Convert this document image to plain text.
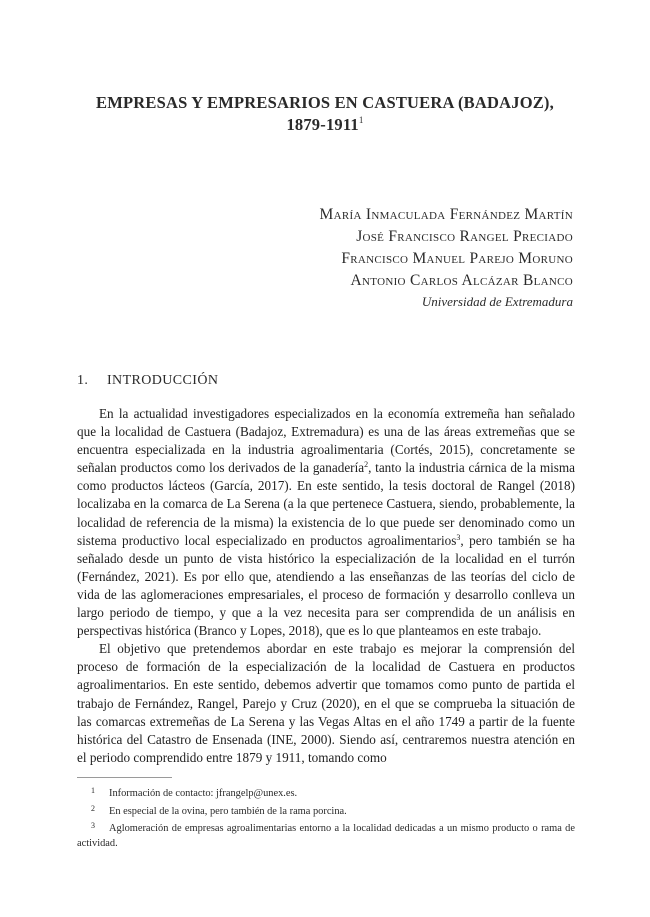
EMPRESAS Y EMPRESARIOS EN CASTUERA (BADAJOZ),

1879-1911$^1$

María Inmaculada Fernández Martín
José Francisco Rangel Preciado
Francisco Manuel Parejo Moruno
Antonio Carlos Alcázar Blanco
Universidad de Extremadura
1. INTRODUCCIÓN

En la actualidad investigadores especializados en la economía extremeña han señalado que la localidad de Castuera (Badajoz, Extremadura) es una de las áreas extremeñas que se encuentra especializada en la industria agroalimentaria (Cortés, 2015), concretamente se señalan productos como los derivados de la ganadería$^2$, tanto la industria cárnica de la misma como productos lácteos (García, 2017). En este sentido, la tesis doctoral de Rangel (2018) localizaba en la comarca de La Serena (a la que pertenece Castuera, siendo, probablemente, la localidad de referencia de la misma) la existencia de lo que puede ser denominado como un sistema productivo local especializado en productos agroalimentarios$^3$, pero también se ha señalado desde un punto de vista histórico la especialización de la localidad en el turrón (Fernández, 2021). Es por ello que, atendiendo a las enseñanzas de las teorías del ciclo de vida de las aglomeraciones empresariales, el proceso de formación y desarrollo conlleva un largo periodo de tiempo, y que a la vez necesita para ser comprendida de un análisis en perspectivas histórica (Branco y Lopes, 2018), que es lo que planteamos en este trabajo.

El objetivo que pretendemos abordar en este trabajo es mejorar la comprensión del proceso de formación de la especialización de la localidad de Castuera en productos agroalimentarios. En este sentido, debemos advertir que tomamos como punto de partida el trabajo de Fernández, Rangel, Parejo y Cruz (2020), en el que se comprueba la situación de las comarcas extremeñas de La Serena y las Vegas Altas en el año 1749 a partir de la fuente histórica del Catastro de Ensenada (INE, 2000). Siendo así, centraremos nuestra atención en el periodo comprendido entre 1879 y 1911, tomando como

1 Información de contacto: jfrangelp@unex.es.

2 En especial de la ovina, pero también de la rama porcina.

3 Aglomeración de empresas agroalimentarias entorno a la localidad dedicadas a un mismo producto o rama de actividad.
